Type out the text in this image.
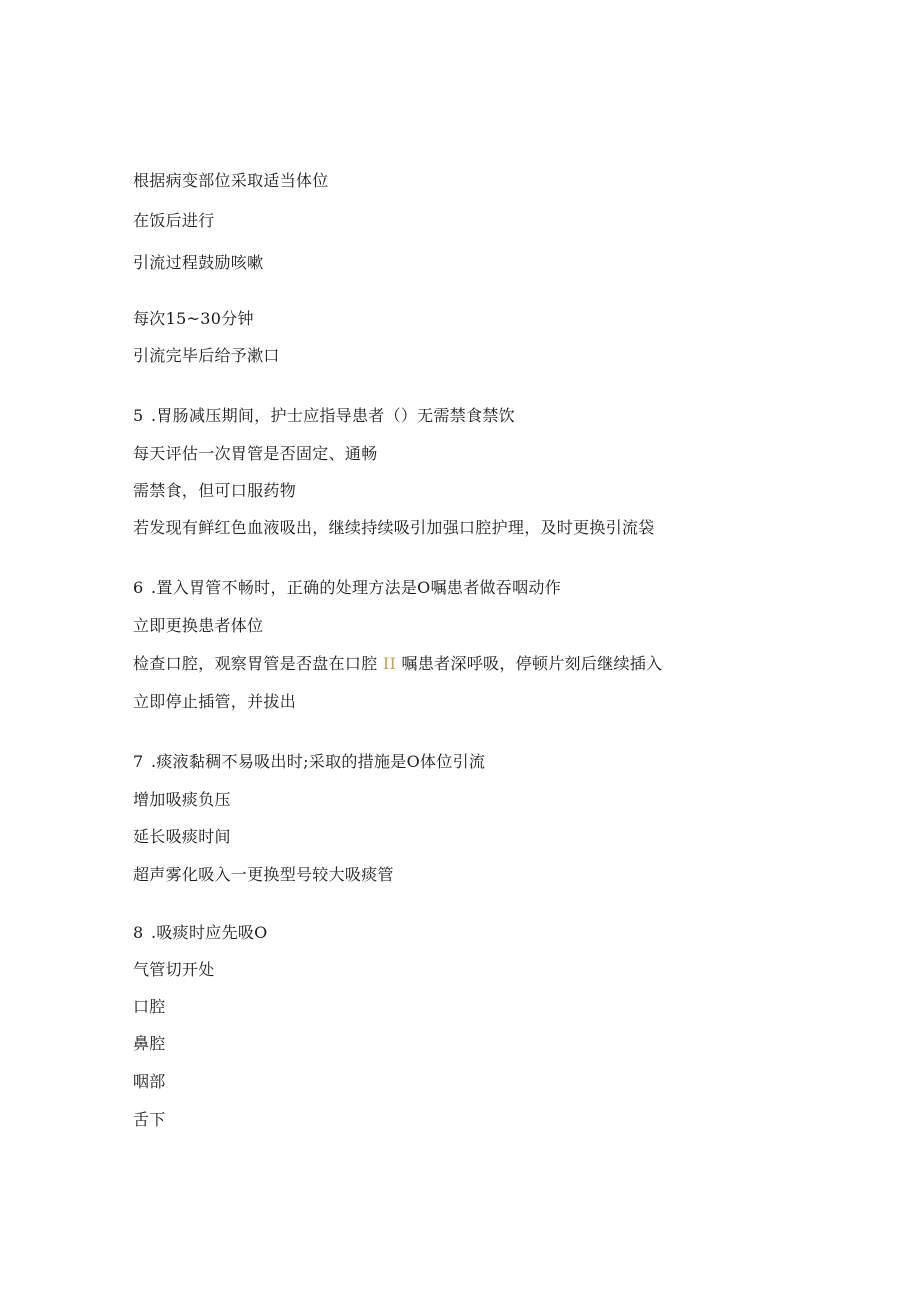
根据病变部位采取适当体位
在饭后进行
引流过程鼓励咳嗽
每次15~30分钟
引流完毕后给予漱口
5 .胃肠减压期间，护士应指导患者（）无需禁食禁饮
每天评估一次胃管是否固定、通畅
需禁食，但可口服药物
若发现有鲜红色血液吸出，继续持续吸引加强口腔护理，及时更换引流袋
6 .置入胃管不畅时，正确的处理方法是O嘱患者做吞咽动作
立即更换患者体位
检查口腔，观察胃管是否盘在口腔 II 嘱患者深呼吸，停顿片刻后继续插入
立即停止插管，并拔出
7 .痰液黏稠不易吸出时;采取的措施是O体位引流
增加吸痰负压
延长吸痰时间
超声雾化吸入一更换型号较大吸痰管
8 .吸痰时应先吸O
气管切开处
口腔
鼻腔
咽部
舌下
